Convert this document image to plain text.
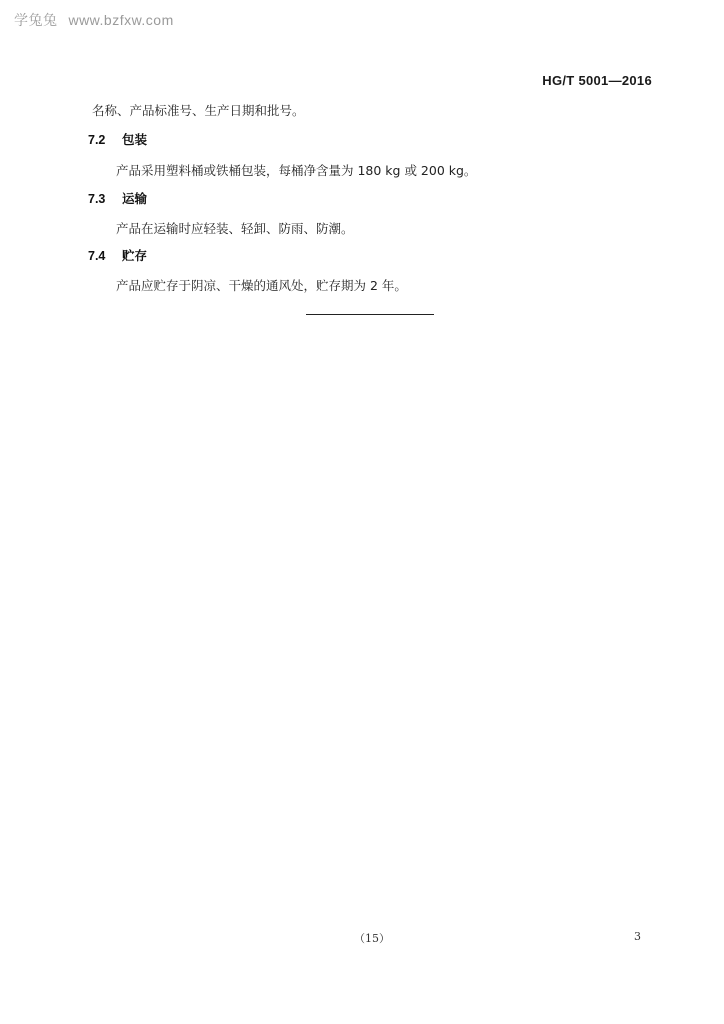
学兔兔 www.bzfxw.com
HG/T 5001—2016
名称、产品标准号、生产日期和批号。
7.2 包装
产品采用塑料桶或铁桶包装，每桶净含量为 180 kg 或 200 kg。
7.3 运输
产品在运输时应轻装、轻卸、防雨、防潮。
7.4 贮存
产品应贮存于阴凉、干燥的通风处，贮存期为 2 年。
（15）	3
